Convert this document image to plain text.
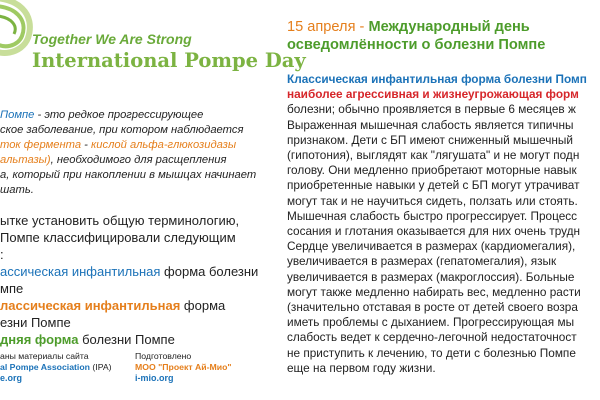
Together We Are Strong
International Pompe Day
Помпе - это редкое прогрессирующее
ское заболевание, при котором наблюдается
ток фермента - кислой альфа-глюкозидазы
альтазы), необходимого для расщепления
а, который при накоплении в мышцах начинает
шать.
ытке установить общую терминологию,
Помпе классифицировали следующим
:
ассическая инфантильная форма болезни
мпе
лассическая инфантильная форма
езни Помпе
дняя форма болезни Помпе
аны материалы сайта
al Pompe Association (IPA)
e.org
Подготовлено
МОО "Проект Ай-Мио"
i-mio.org
15 апреля - Международный день
осведомлённости о болезни Помпе
Классическая инфантильная форма болезни Помп
наиболее агрессивная и жизнеугрожающая форм
болезни; обычно проявляется в первые 6 месяцев ж
Выраженная мышечная слабость является типичны
признаком. Дети с БП имеют сниженный мышечный
(гипотония), выглядят как "лягушата" и не могут подн
голову. Они медленно приобретают моторные навык
приобретенные навыки у детей с БП могут утрачиват
могут так и не научиться сидеть, ползать или стоять.
Мышечная слабость быстро прогрессирует. Процесс
сосания и глотания оказывается для них очень трудн
Сердце увеличивается в размерах (кардиомегалия),
увеличивается в размерах (гепатомегалия), язык
увеличивается в размерах (макроглоссия). Больные
могут также медленно набирать вес, медленно расти
(значительно отставая в росте от детей своего возра
иметь проблемы с дыханием. Прогрессирующая мы
слабость ведет к сердечно-легочной недостаточност
не приступить к лечению, то дети с болезнью Помпе
еще на первом году жизни.
